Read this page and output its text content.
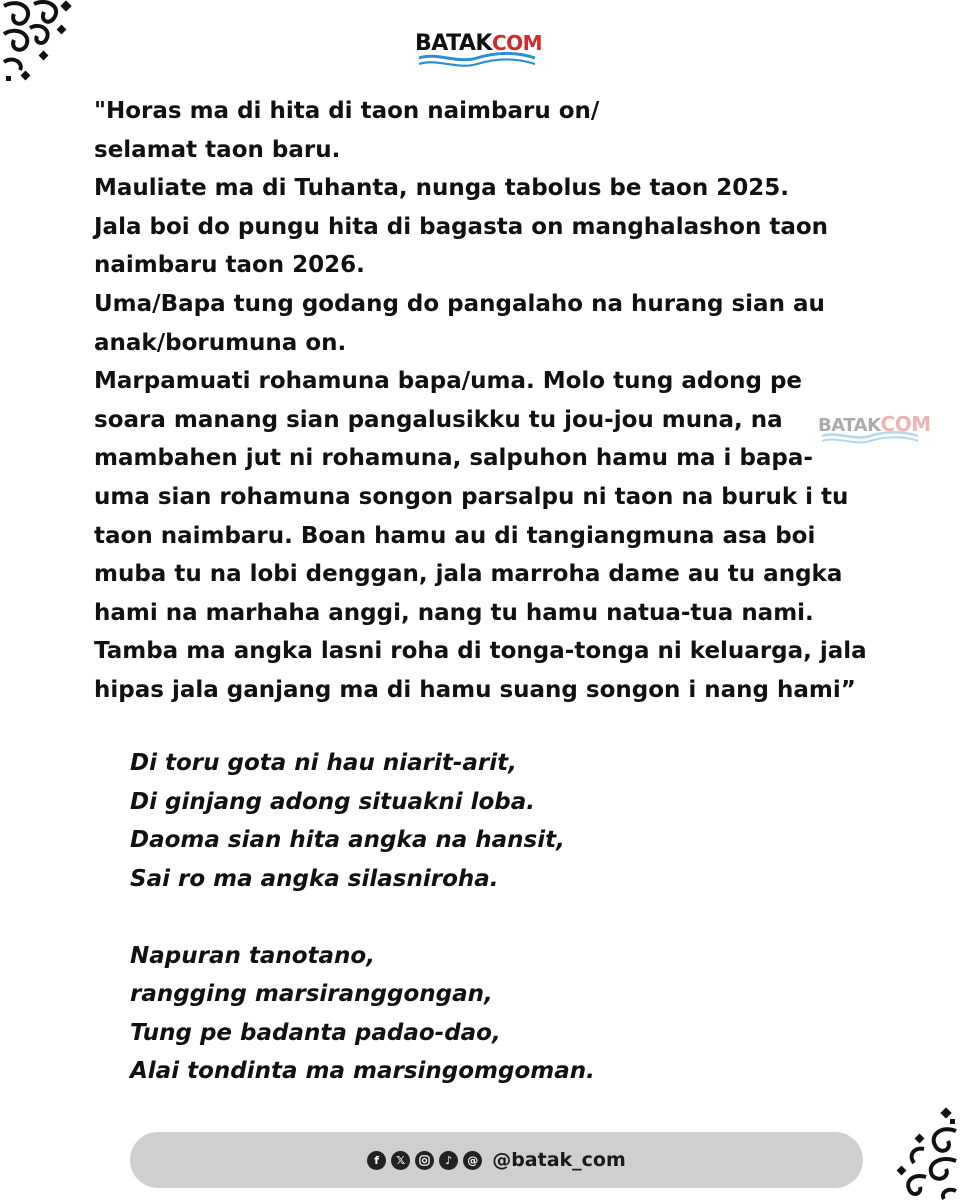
BATAKCOM
"Horas ma di hita di taon naimbaru on/
selamat taon baru.
Mauliate ma di Tuhanta, nunga tabolus be taon 2025.
Jala boi do pungu hita di bagasta on manghalashon taon
naimbaru taon 2026.
Uma/Bapa tung godang do pangalaho na hurang sian au
anak/borumuna on.
Marpamuati rohamuna bapa/uma. Molo tung adong pe
soara manang sian pangalusikku tu jou-jou muna, na
mambahen jut ni rohamuna, salpuhon hamu ma i bapa-
uma sian rohamuna songon parsalpu ni taon na buruk i tu
taon naimbaru. Boan hamu au di tangiangmuna asa boi
muba tu na lobi denggan, jala marroha dame au tu angka
hami na marhaha anggi, nang tu hamu natua-tua nami.
Tamba ma angka lasni roha di tonga-tonga ni keluarga, jala
hipas jala ganjang ma di hamu suang songon i nang hami”
BATAKCOM
Di toru gota ni hau niarit-arit,
Di ginjang adong situakni loba.
Daoma sian hita angka na hansit,
Sai ro ma angka silasniroha.
Napuran tanotano,
rangging marsiranggongan,
Tung pe badanta padao-dao,
Alai tondinta ma marsingomgoman.
f	𝕏	♪	@ @batak_com
